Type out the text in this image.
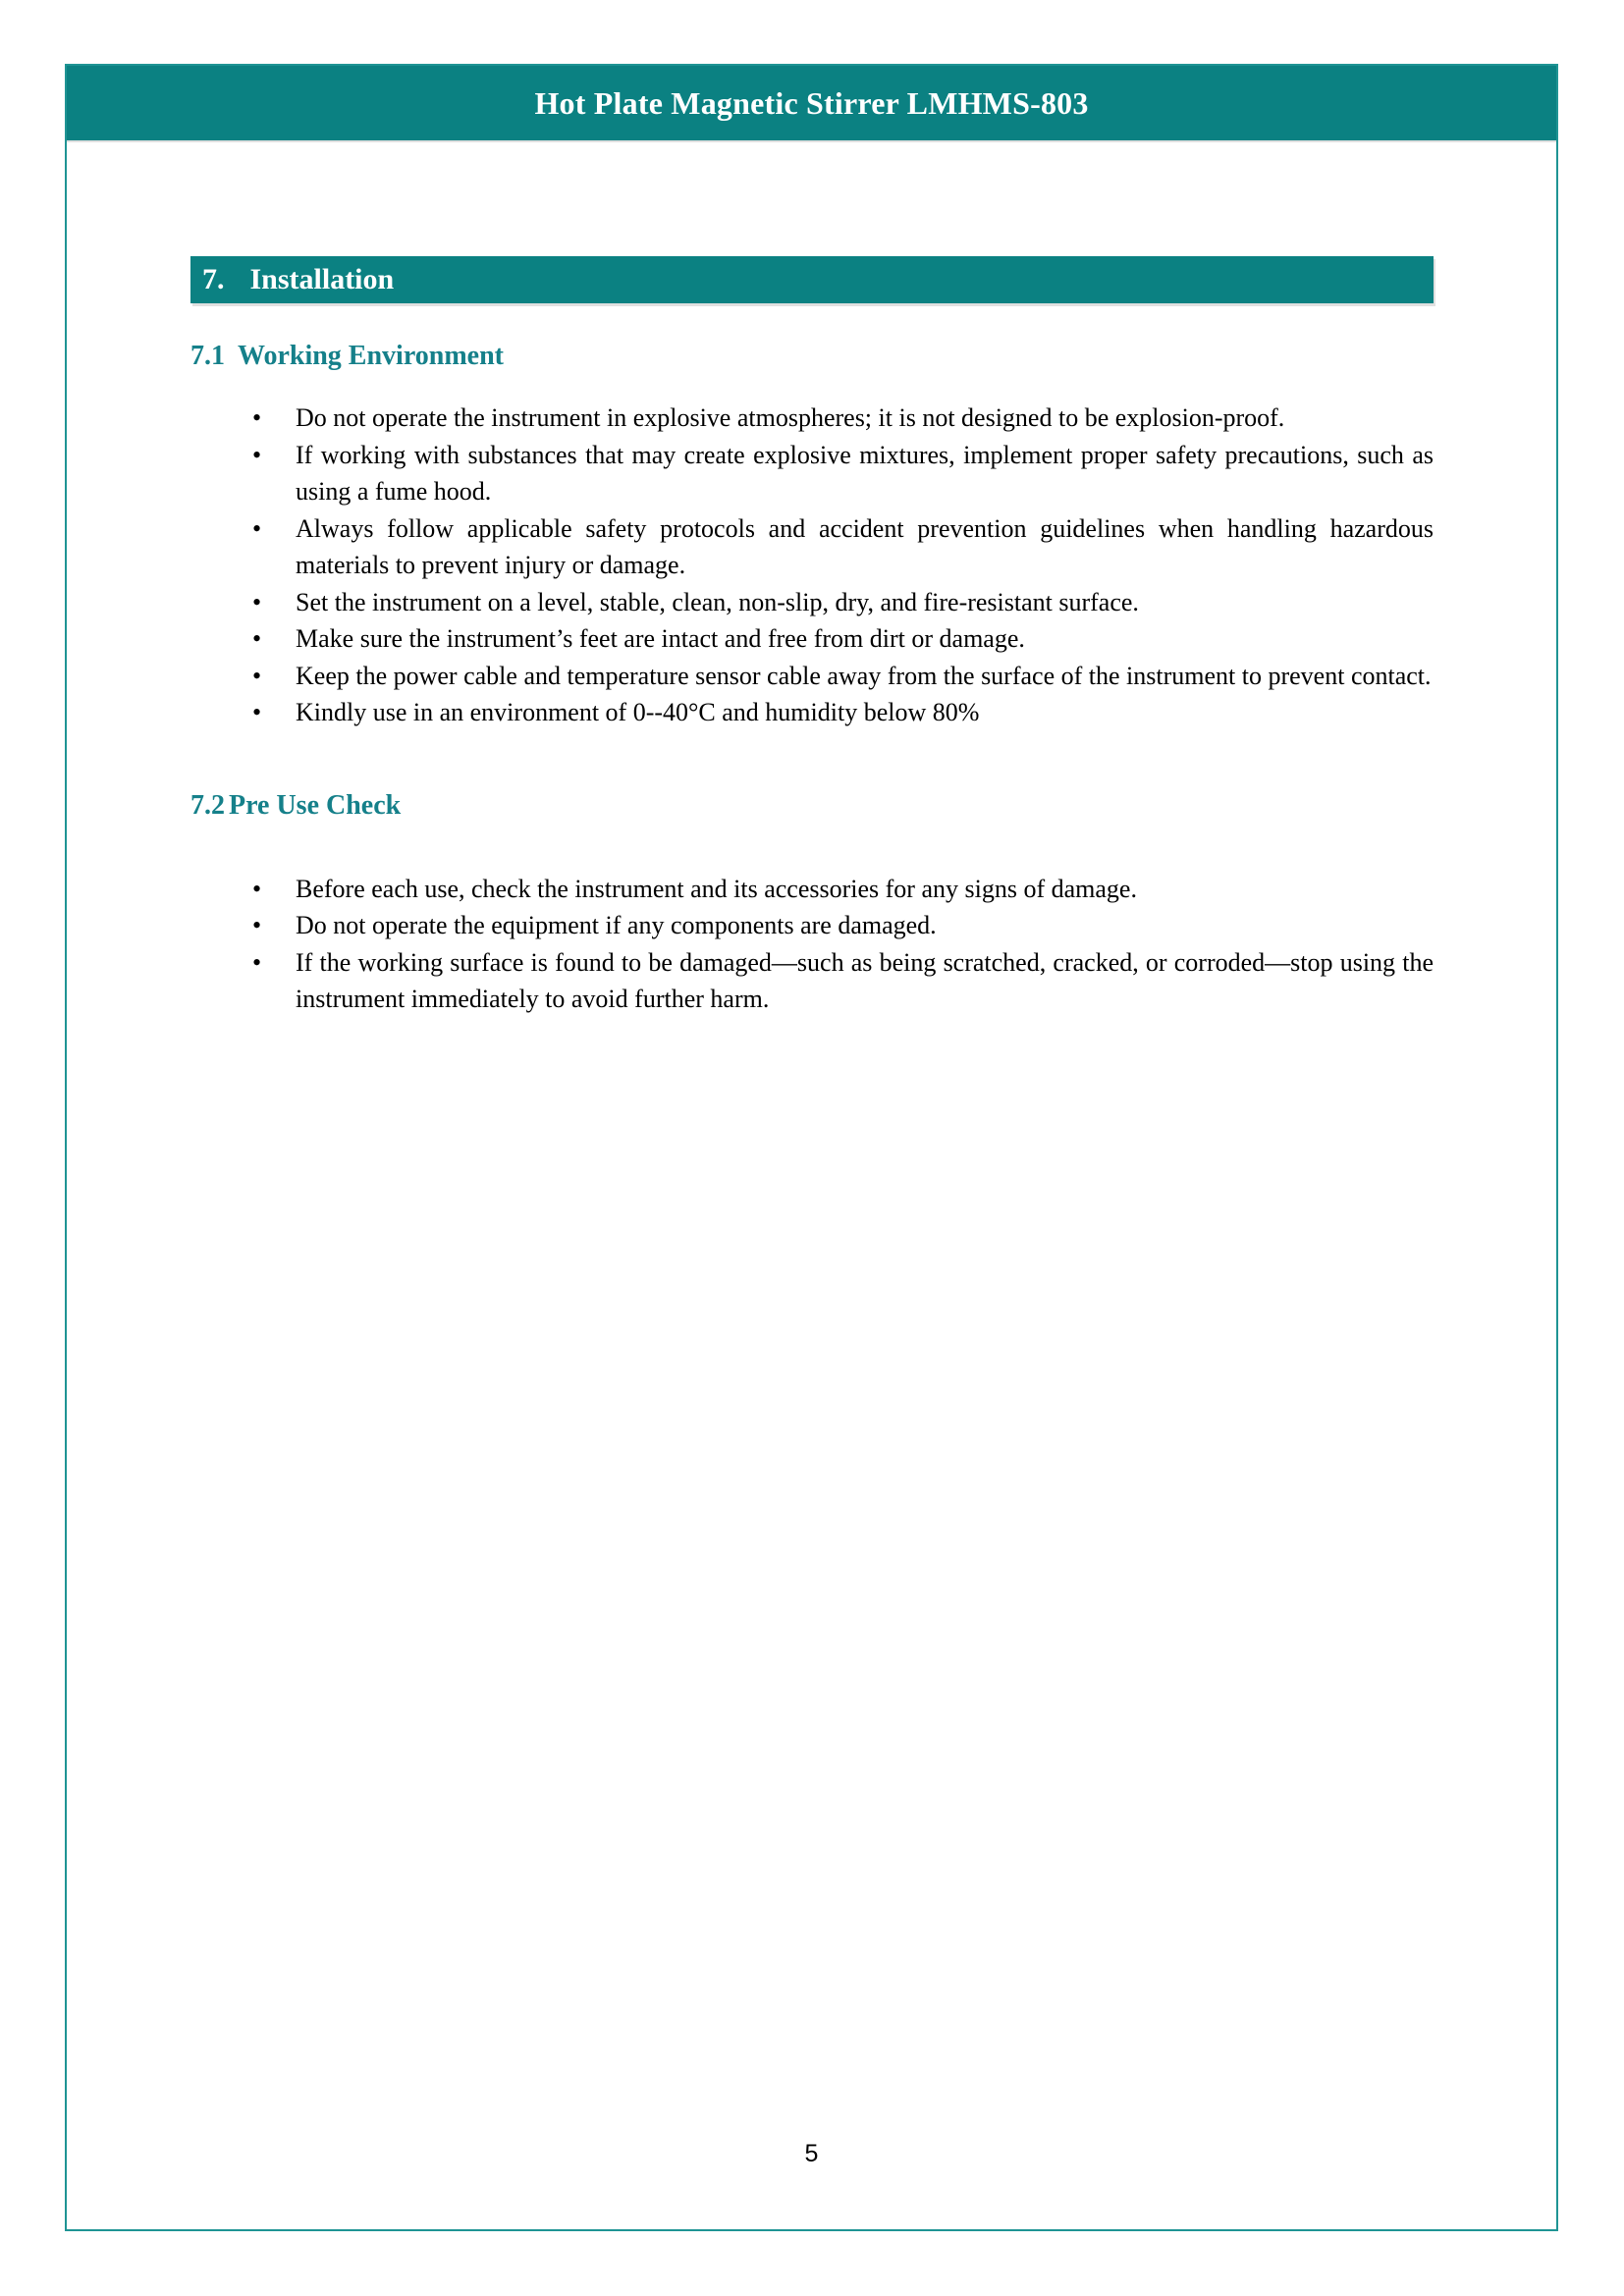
Hot Plate Magnetic Stirrer LMHMS-803
7. Installation
7.1 Working Environment
• Do not operate the instrument in explosive atmospheres; it is not designed to be explosion-proof.
• If working with substances that may create explosive mixtures, implement proper safety precautions, such as using a fume hood.
• Always follow applicable safety protocols and accident prevention guidelines when handling hazardous materials to prevent injury or damage.
• Set the instrument on a level, stable, clean, non-slip, dry, and fire-resistant surface.
• Make sure the instrument’s feet are intact and free from dirt or damage.
• Keep the power cable and temperature sensor cable away from the surface of the instrument to prevent contact.
• Kindly use in an environment of 0--40°C and humidity below 80%
7.2 Pre Use Check
• Before each use, check the instrument and its accessories for any signs of damage.
• Do not operate the equipment if any components are damaged.
• If the working surface is found to be damaged—such as being scratched, cracked, or corroded—stop using the instrument immediately to avoid further harm.
5
